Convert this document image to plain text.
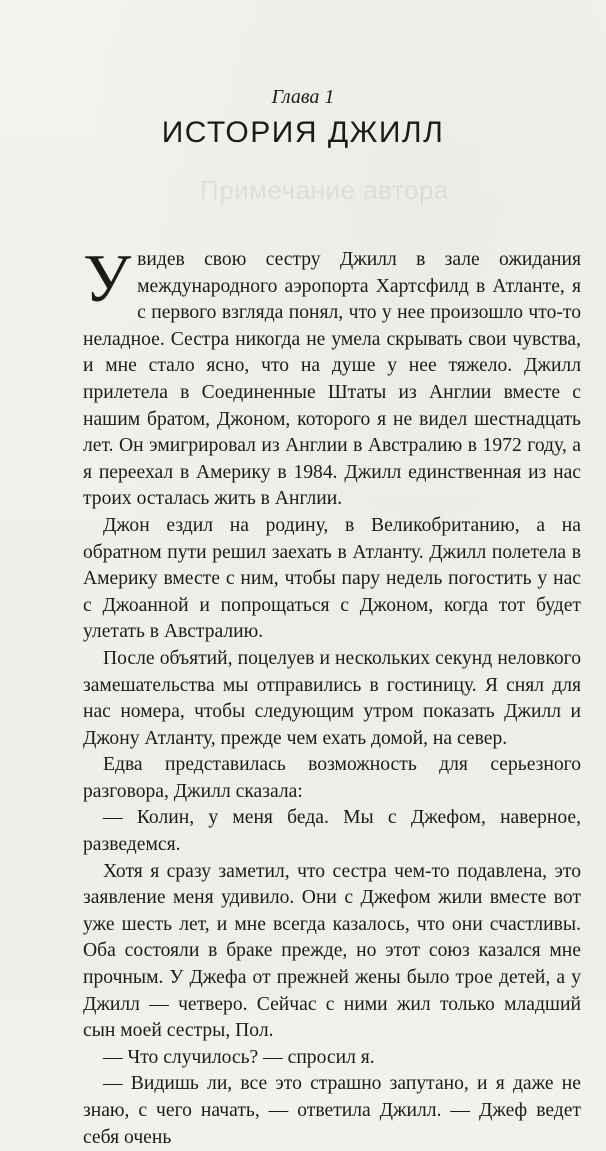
Примечание автора
Глава 1
ИСТОРИЯ ДЖИЛЛ

Увидев свою сестру Джилл в зале ожидания международного аэропорта Хартсфилд в Атланте, я с первого взгляда понял, что у нее произошло что-то неладное. Сестра никогда не умела скрывать свои чувства, и мне стало ясно, что на душе у нее тяжело. Джилл прилетела в Соединенные Штаты из Англии вместе с нашим братом, Джоном, которого я не видел шестнадцать лет. Он эмигрировал из Англии в Австралию в 1972 году, а я переехал в Америку в 1984. Джилл единственная из нас троих осталась жить в Англии.

Джон ездил на родину, в Великобританию, а на обратном пути решил заехать в Атланту. Джилл полетела в Америку вместе с ним, чтобы пару недель погостить у нас с Джоанной и попрощаться с Джоном, когда тот будет улетать в Австралию.

После объятий, поцелуев и нескольких секунд неловкого замешательства мы отправились в гостиницу. Я снял для нас номера, чтобы следующим утром показать Джилл и Джону Атланту, прежде чем ехать домой, на север.

Едва представилась возможность для серьезного разговора, Джилл сказала:

— Колин, у меня беда. Мы с Джефом, наверное, разведемся.

Хотя я сразу заметил, что сестра чем-то подавлена, это заявление меня удивило. Они с Джефом жили вместе вот уже шесть лет, и мне всегда казалось, что они счастливы. Оба состояли в браке прежде, но этот союз казался мне прочным. У Джефа от прежней жены было трое детей, а у Джилл — четверо. Сейчас с ними жил только младший сын моей сестры, Пол.

— Что случилось? — спросил я.

— Видишь ли, все это страшно запутано, и я даже не знаю, с чего начать, — ответила Джилл. — Джеф ведет себя очень
